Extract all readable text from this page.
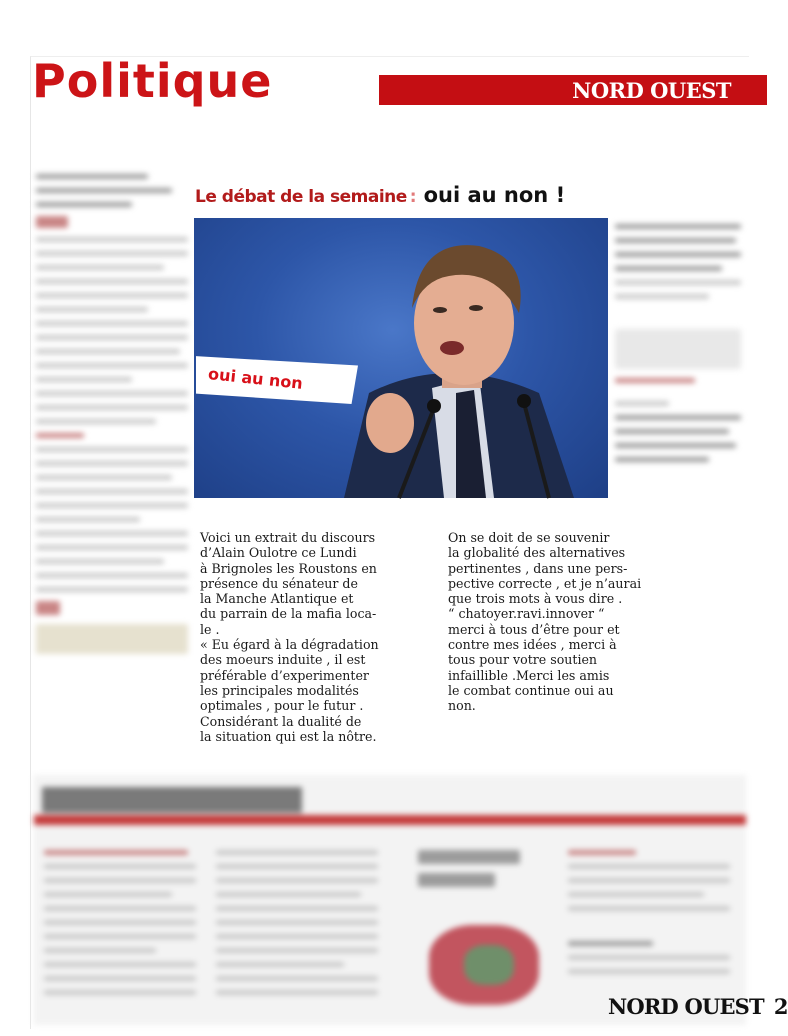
Politique	NORD OUEST
Le débat de la semaine : oui au non !
oui au non
Voici un extrait du discours
d’Alain Oulotre ce Lundi
à Brignoles les Roustons en
présence du sénateur de
la Manche Atlantique et
du parrain de la mafia loca-
le .
« Eu égard à la dégradation
des moeurs induite , il est
préférable d’experimenter
les principales modalités
optimales , pour le futur .
Considérant la dualité de
la situation qui est la nôtre.
On se doit de se souvenir
la globalité des alternatives
pertinentes , dans une pers-
pective correcte , et je n’aurai
que trois mots à vous dire .
“ chatoyer.ravi.innover “
merci à tous d’être pour et
contre mes idées , merci à
tous pour votre soutien
infaillible .Merci les amis
le combat continue oui au
non.
NORD OUEST 2
